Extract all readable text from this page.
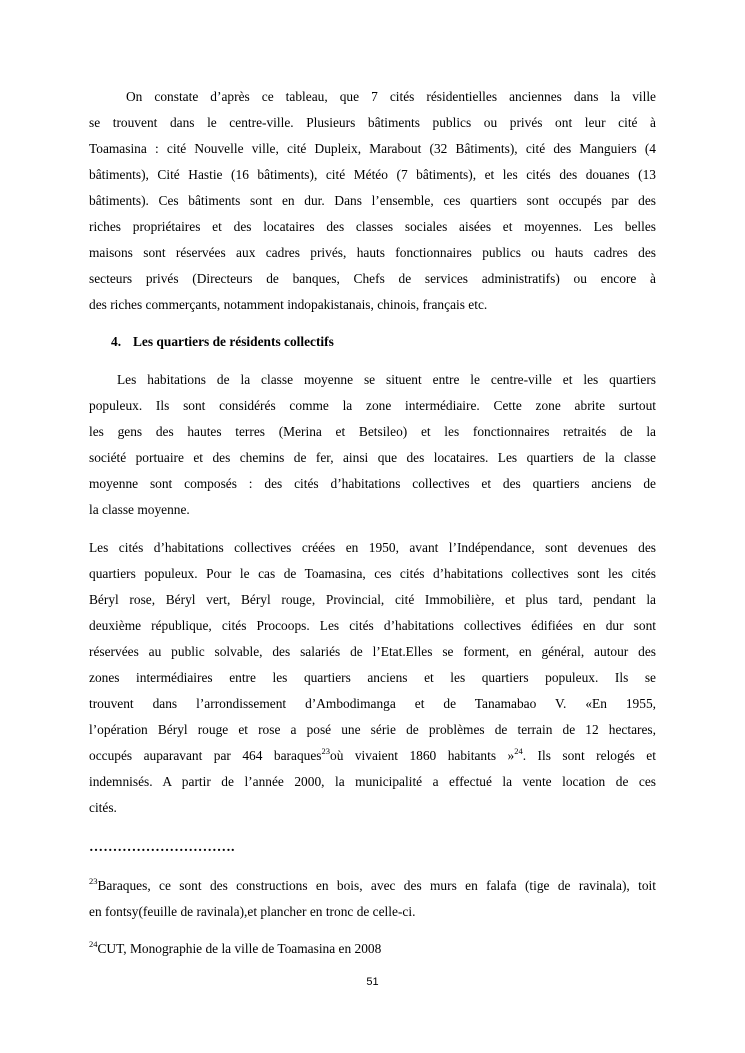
On constate d’après ce tableau, que 7 cités résidentielles anciennes dans la ville
se trouvent dans le centre-ville. Plusieurs bâtiments publics ou privés ont leur cité à
Toamasina : cité Nouvelle ville, cité Dupleix, Marabout (32 Bâtiments), cité des Manguiers (4
bâtiments), Cité Hastie (16 bâtiments), cité Météo (7 bâtiments), et les cités des douanes (13
bâtiments). Ces bâtiments sont en dur. Dans l’ensemble, ces quartiers sont occupés par des
riches propriétaires et des locataires des classes sociales aisées et moyennes. Les belles
maisons sont réservées aux cadres privés, hauts fonctionnaires publics ou hauts cadres des
secteurs privés (Directeurs de banques, Chefs de services administratifs) ou encore à
des riches commerçants, notamment indopakistanais, chinois, français etc.
4. Les quartiers de résidents collectifs
Les habitations de la classe moyenne se situent entre le centre-ville et les quartiers
populeux. Ils sont considérés comme la zone intermédiaire. Cette zone abrite surtout
les gens des hautes terres (Merina et Betsileo) et les fonctionnaires retraités de la
société portuaire et des chemins de fer, ainsi que des locataires. Les quartiers de la classe
moyenne sont composés : des cités d’habitations collectives et des quartiers anciens de
la classe moyenne.
Les cités d’habitations collectives créées en 1950, avant l’Indépendance, sont devenues des
quartiers populeux. Pour le cas de Toamasina, ces cités d’habitations collectives sont les cités
Béryl rose, Béryl vert, Béryl rouge, Provincial, cité Immobilière, et plus tard, pendant la
deuxième république, cités Procoops. Les cités d’habitations collectives édifiées en dur sont
réservées au public solvable, des salariés de l’Etat.Elles se forment, en général, autour des
zones intermédiaires entre les quartiers anciens et les quartiers populeux. Ils se
trouvent dans l’arrondissement d’Ambodimanga et de Tanamabao V. «En 1955,
l’opération Béryl rouge et rose a posé une série de problèmes de terrain de 12 hectares,
occupés auparavant par 464 baraques$^{23}$où vivaient 1860 habitants »$^{24}$. Ils sont relogés et
indemnisés. A partir de l’année 2000, la municipalité a effectué la vente location de ces
cités.
………………………….
$^{23}$Baraques, ce sont des constructions en bois, avec des murs en falafa (tige de ravinala), toit
en fontsy(feuille de ravinala),et plancher en tronc de celle-ci.
$^{24}$CUT, Monographie de la ville de Toamasina en 2008
51
